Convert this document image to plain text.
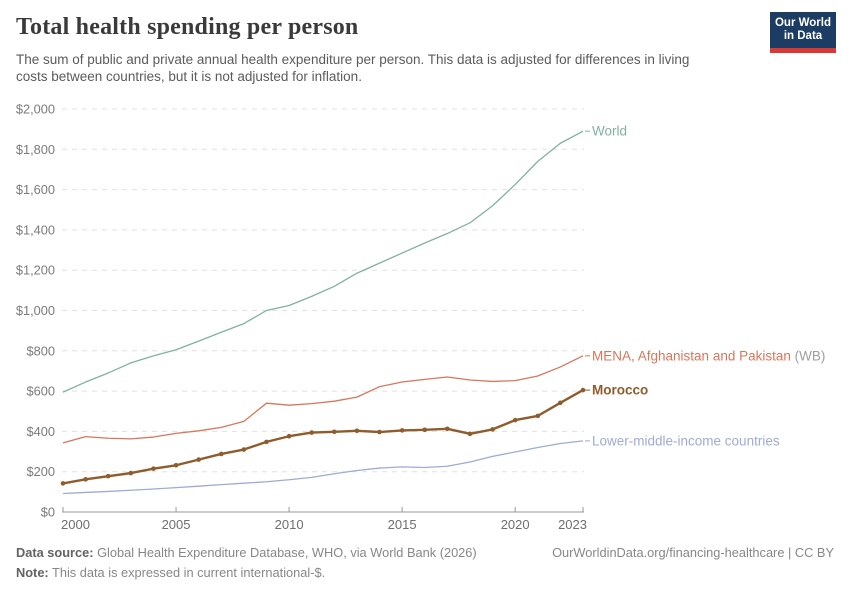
Total health spending per person
The sum of public and private annual health expenditure per person. This data is adjusted for differences in living costs between countries, but it is not adjusted for inflation.
Our World
in Data
$0
$200
$400
$600
$800
$1,000
$1,200
$1,400
$1,600
$1,800
$2,000
2000	2005	2010	2015	2020 2023
World
MENA, Afghanistan and Pakistan (WB)
Morocco
Lower-middle-income countries
Data source: Global Health Expenditure Database, WHO, via World Bank (2026)	OurWorldinData.org/financing-healthcare | CC BY
Note: This data is expressed in current international-$.
